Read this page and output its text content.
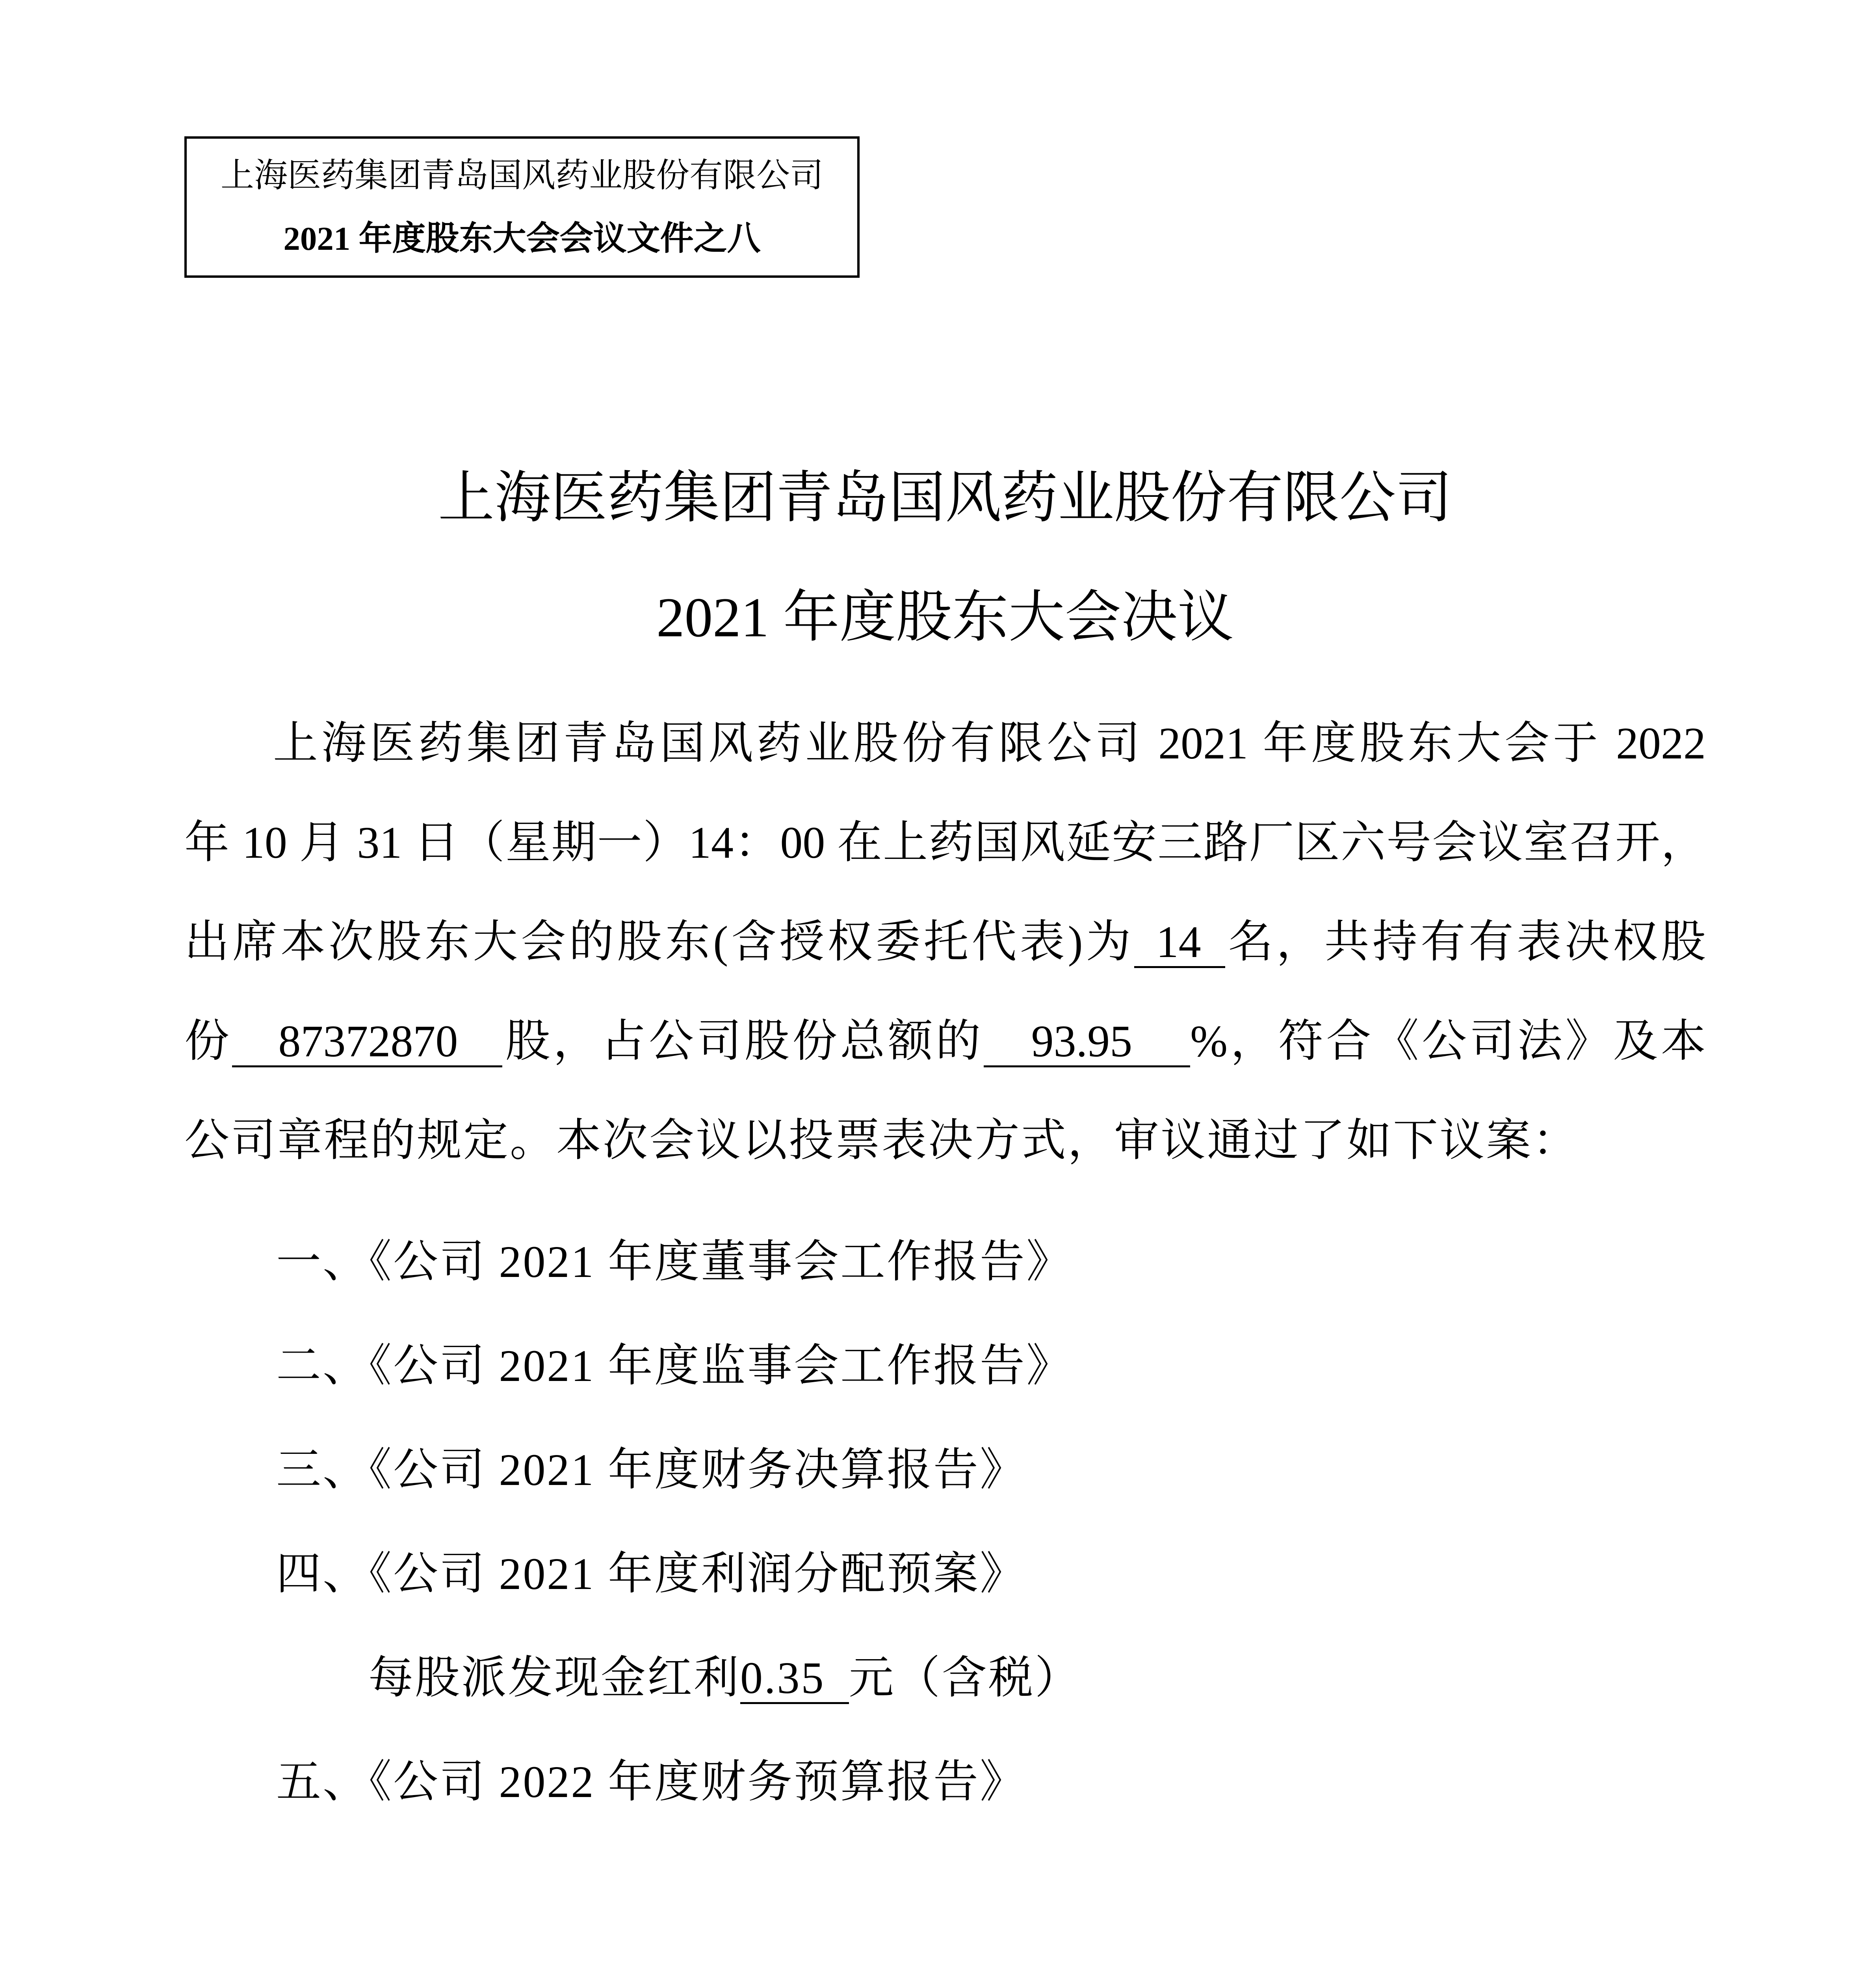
上海医药集团青岛国风药业股份有限公司
2021 年度股东大会会议文件之八
上海医药集团青岛国风药业股份有限公司
2021 年度股东大会决议
上海医药集团青岛国风药业股份有限公司 2021 年度股东大会于 2022
年 10 月 31 日（星期一）14：00 在上药国风延安三路厂区六号会议室召开，
出席本次股东大会的股东(含授权委托代表)为 14 名，共持有有表决权股
份 87372870 股，占公司股份总额的 93.95 %，符合《公司法》及本
公司章程的规定。本次会议以投票表决方式，审议通过了如下议案：
一、《公司 2021 年度董事会工作报告》
二、《公司 2021 年度监事会工作报告》
三、《公司 2021 年度财务决算报告》
四、《公司 2021 年度利润分配预案》
每股派发现金红利0.35 元（含税）
五、《公司 2022 年度财务预算报告》
